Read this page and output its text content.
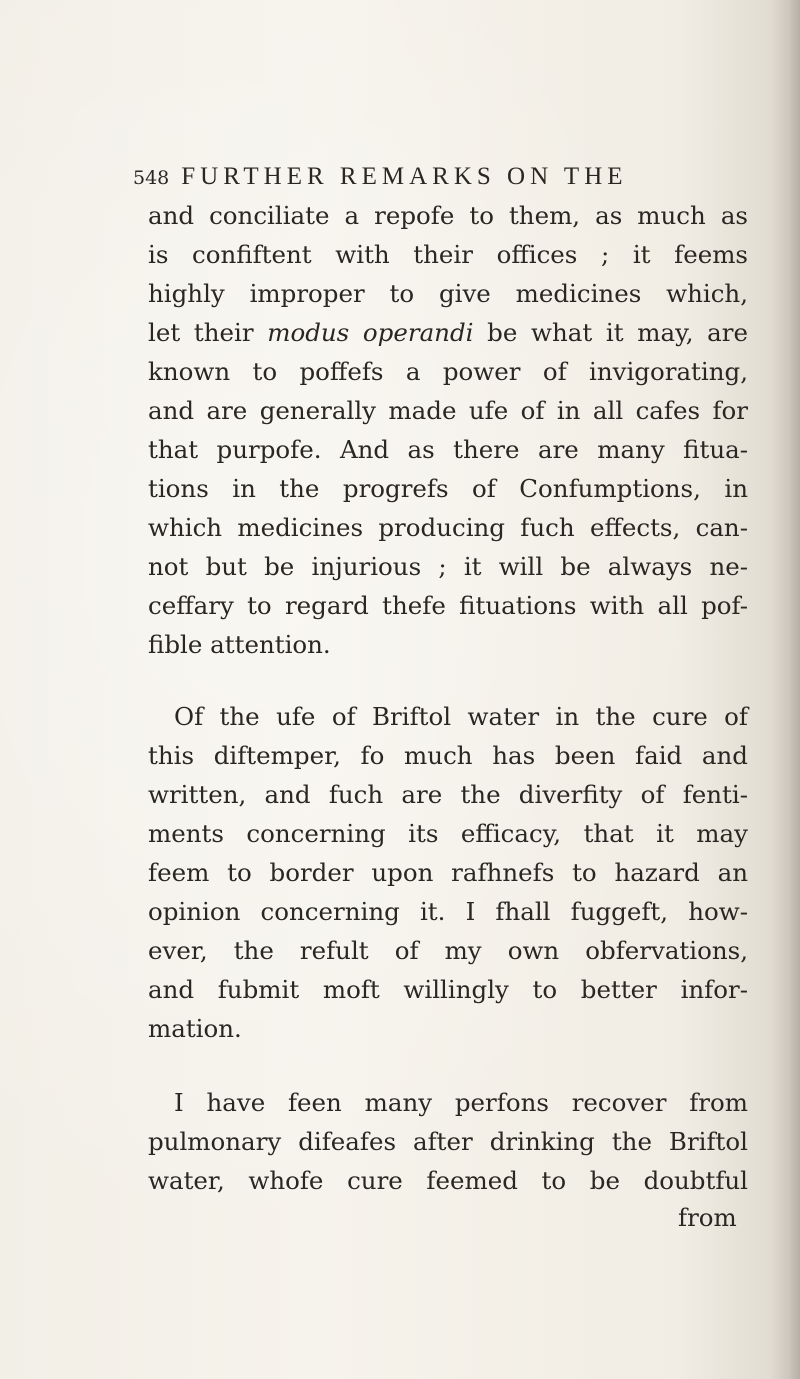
548 FURTHER REMARKS ON THE
and conciliate a repofe to them, as much as
is confiftent with their offices ; it feems
highly improper to give medicines which,
let their modus operandi be what it may, are
known to poffefs a power of invigorating,
and are generally made ufe of in all cafes for
that purpofe. And as there are many fitua-
tions in the progrefs of Confumptions, in
which medicines producing fuch effects, can-
not but be injurious ; it will be always ne-
ceffary to regard thefe fituations with all pof-
fible attention.
Of the ufe of Briftol water in the cure of
this diftemper, fo much has been faid and
written, and fuch are the diverfity of fenti-
ments concerning its efficacy, that it may
feem to border upon rafhnefs to hazard an
opinion concerning it. I fhall fuggeft, how-
ever, the refult of my own obfervations,
and fubmit moft willingly to better infor-
mation.
I have feen many perfons recover from
pulmonary difeafes after drinking the Briftol
water, whofe cure feemed to be doubtful
from
